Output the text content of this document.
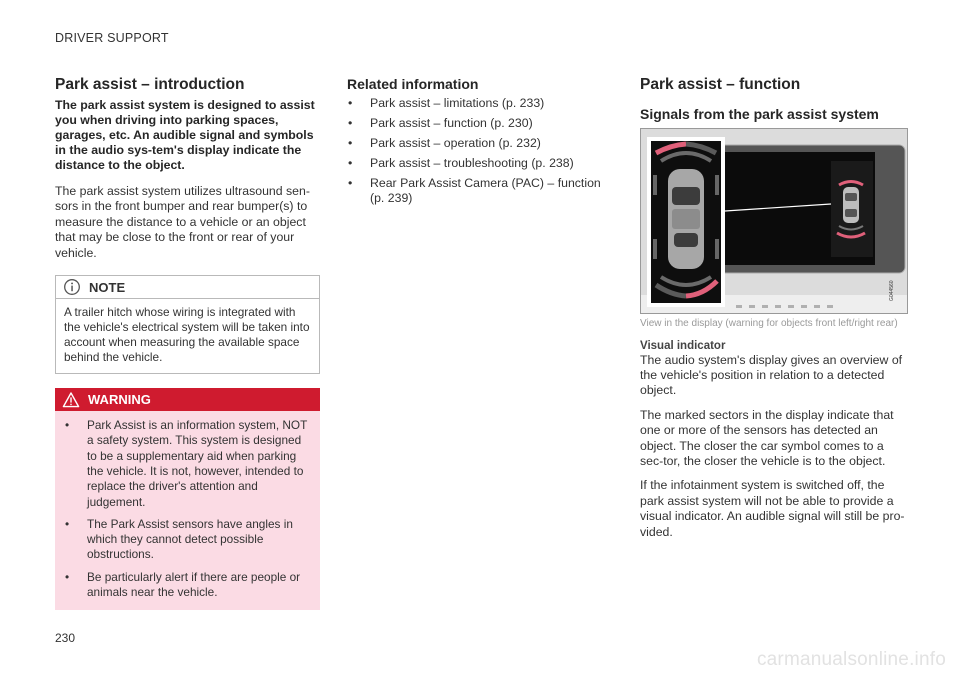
DRIVER SUPPORT
Park assist – introduction
The park assist system is designed to assist you when driving into parking spaces, garages, etc. An audible signal and symbols in the audio sys-tem's display indicate the distance to the object.

The park assist system utilizes ultrasound sen-sors in the front bumper and rear bumper(s) to measure the distance to a vehicle or an object that may be close to the front or rear of your vehicle.

NOTE

A trailer hitch whose wiring is integrated with the vehicle's electrical system will be taken into account when measuring the available space behind the vehicle.

WARNING
• Park Assist is an information system, NOT a safety system. This system is designed to be a supplementary aid when parking the vehicle. It is not, however, intended to replace the driver's attention and judgement.
• The Park Assist sensors have angles in which they cannot detect possible obstructions.
• Be particularly alert if there are people or animals near the vehicle.
Related information
• Park assist – limitations (p. 233)
• Park assist – function (p. 230)
• Park assist – operation (p. 232)
• Park assist – troubleshooting (p. 238)
• Rear Park Assist Camera (PAC) – function (p. 239)
Park assist – function
Signals from the park assist system
G044560
View in the display (warning for objects front left/right rear)
Visual indicator

The audio system's display gives an overview of the vehicle's position in relation to a detected object.

The marked sectors in the display indicate that one or more of the sensors has detected an object. The closer the car symbol comes to a sec-tor, the closer the vehicle is to the object.

If the infotainment system is switched off, the park assist system will not be able to provide a visual indicator. An audible signal will still be pro-vided.

230
carmanualsonline.info
